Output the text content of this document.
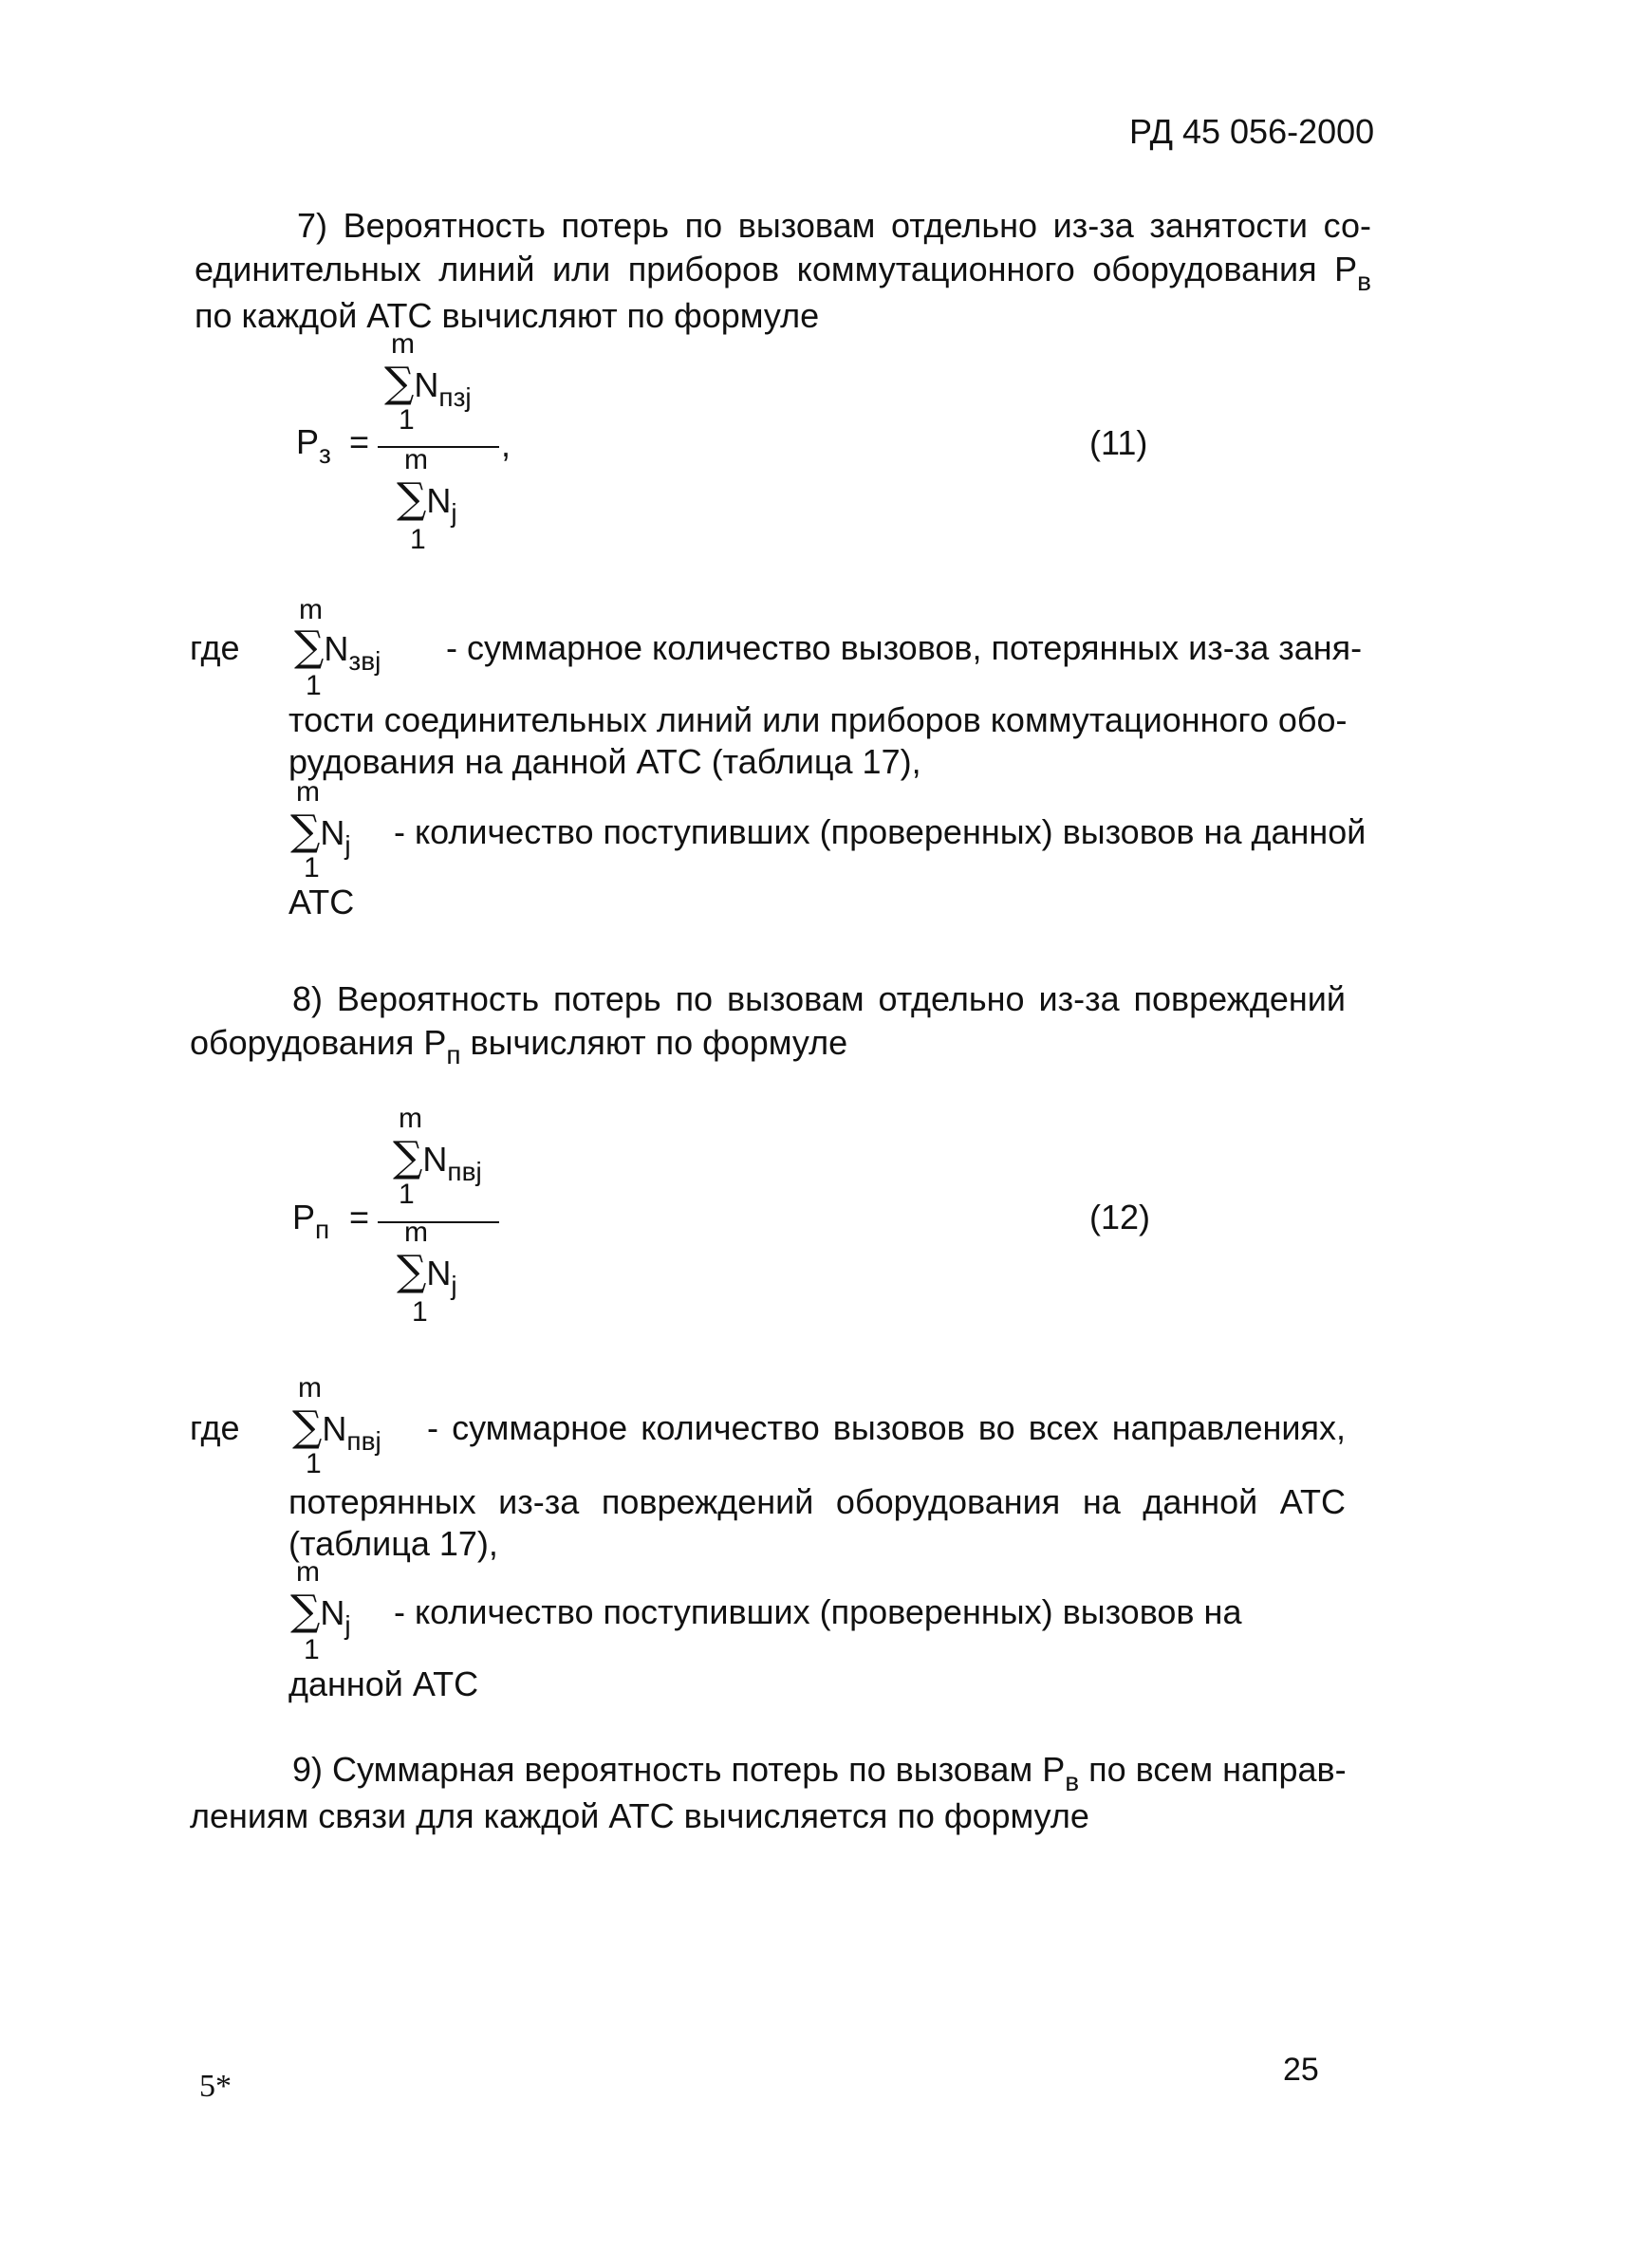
РД 45 056-2000
7) Вероятность потерь по вызовам отдельно из-за занятости со-
единительных линий или приборов коммутационного оборудования $P_в$
по каждой АТС вычисляют по формуле
m
$\sum N_{пзj}$
1
$P_з$ =	,
m
$\sum N_j$
1
(11)
где
m
$\sum N_{звj}$
1
- суммарное количество вызовов, потерянных из-за заня-
тости соединительных линий или приборов коммутационного обо-
рудования на данной АТС (таблица 17),
m
$\sum N_j$
1
- количество поступивших (проверенных) вызовов на данной
АТС
8) Вероятность потерь по вызовам отдельно из-за повреждений
оборудования $P_п$ вычисляют по формуле
m
$\sum N_{пвj}$
1
$P_п = m$
$\sum N_j$
1
(12)
где
m
$\sum N_{пвj}$
1
- суммарное количество вызовов во всех направлениях,
потерянных из-за повреждений оборудования на данной АТС
(таблица 17),
m
$\sum N_j$
1
- количество поступивших (проверенных) вызовов на
данной АТС
9) Суммарная вероятность потерь по вызовам $P_в$ по всем направ-
лениям связи для каждой АТС вычисляется по формуле
5*	25
